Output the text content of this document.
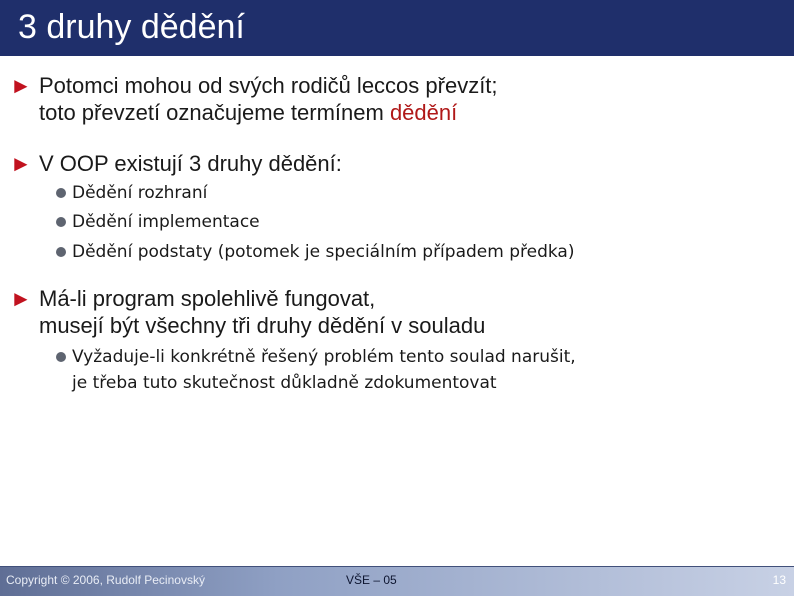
3 druhy dědění
► Potomci mohou od svých rodičů leccos převzít;
toto převzetí označujeme termínem dědění
► V OOP existují 3 druhy dědění:
Dědění rozhraní
Dědění implementace
Dědění podstaty (potomek je speciálním případem předka)
► Má-li program spolehlivě fungovat,
musejí být všechny tři druhy dědění v souladu
Vyžaduje-li konkrétně řešený problém tento soulad narušit,
je třeba tuto skutečnost důkladně zdokumentovat
Copyright © 2006, Rudolf Pecinovský	VŠE – 05	13
